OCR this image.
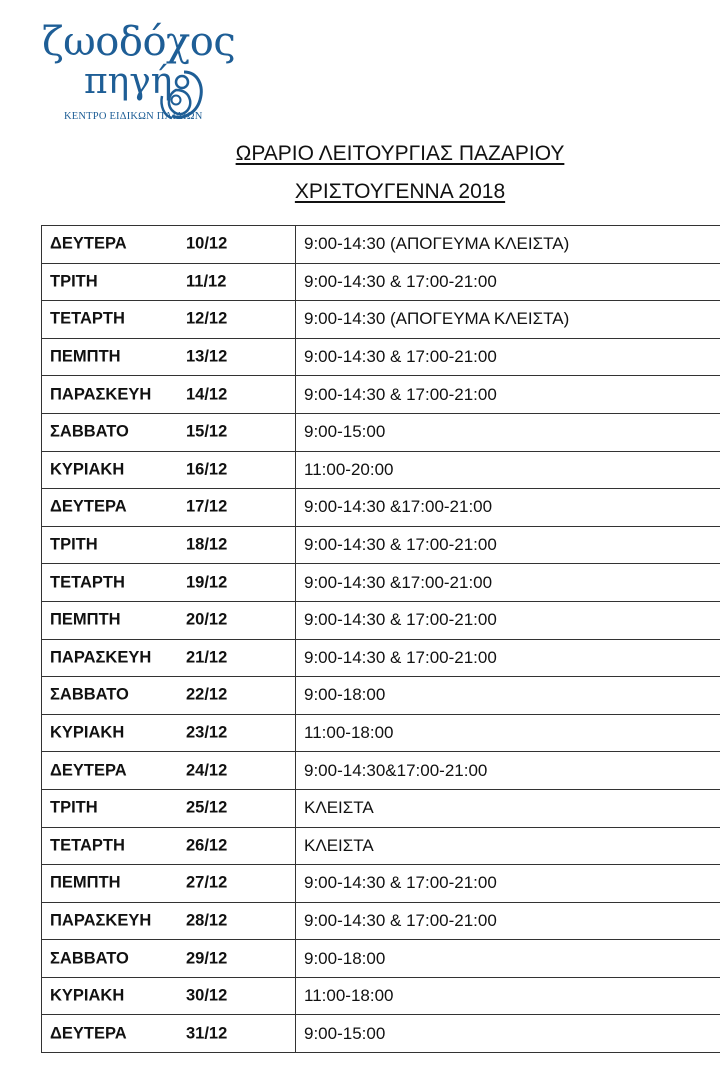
ζωοδόχος
πηγή
ΚΕΝΤΡΟ ΕΙΔΙΚΩΝ ΠΑΙΔΙΩΝ
ΩΡΑΡΙΟ ΛΕΙΤΟΥΡΓΙΑΣ ΠΑΖΑΡΙΟΥ
ΧΡΙΣΤΟΥΓΕΝΝΑ 2018
ΔΕΥΤΕΡΑ 10/12	9:00-14:30 (ΑΠΟΓΕΥΜΑ ΚΛΕΙΣΤΑ)

ΤΡΙΤΗ 11/12	9:00-14:30 & 17:00-21:00

ΤΕΤΑΡΤΗ 12/12	9:00-14:30 (ΑΠΟΓΕΥΜΑ ΚΛΕΙΣΤΑ)

ΠΕΜΠΤΗ 13/12	9:00-14:30 & 17:00-21:00

ΠΑΡΑΣΚΕΥΗ 14/12	9:00-14:30 & 17:00-21:00

ΣΑΒΒΑΤΟ 15/12	9:00-15:00

ΚΥΡΙΑΚΗ 16/12	11:00-20:00

ΔΕΥΤΕΡΑ 17/12	9:00-14:30 &17:00-21:00

ΤΡΙΤΗ 18/12	9:00-14:30 & 17:00-21:00

ΤΕΤΑΡΤΗ 19/12	9:00-14:30 &17:00-21:00

ΠΕΜΠΤΗ 20/12	9:00-14:30 & 17:00-21:00

ΠΑΡΑΣΚΕΥΗ 21/12	9:00-14:30 & 17:00-21:00

ΣΑΒΒΑΤΟ 22/12	9:00-18:00

ΚΥΡΙΑΚΗ 23/12	11:00-18:00

ΔΕΥΤΕΡΑ 24/12	9:00-14:30&17:00-21:00

ΤΡΙΤΗ 25/12	ΚΛΕΙΣΤΑ

ΤΕΤΑΡΤΗ 26/12	ΚΛΕΙΣΤΑ

ΠΕΜΠΤΗ 27/12	9:00-14:30 & 17:00-21:00

ΠΑΡΑΣΚΕΥΗ 28/12	9:00-14:30 & 17:00-21:00

ΣΑΒΒΑΤΟ 29/12	9:00-18:00

ΚΥΡΙΑΚΗ 30/12	11:00-18:00

ΔΕΥΤΕΡΑ 31/12	9:00-15:00
